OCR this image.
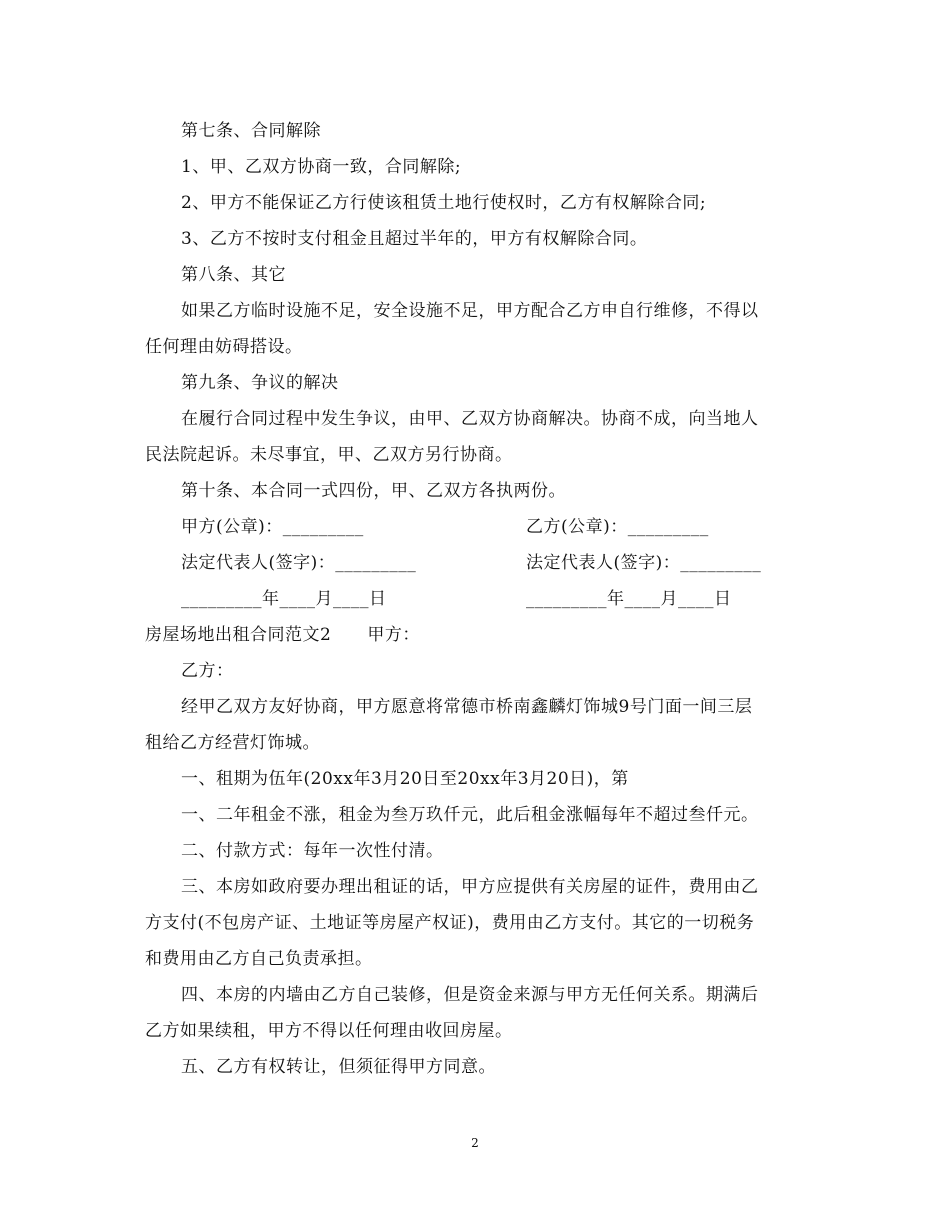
第七条、合同解除
1、甲、乙双方协商一致，合同解除;
2、甲方不能保证乙方行使该租赁土地行使权时，乙方有权解除合同;
3、乙方不按时支付租金且超过半年的，甲方有权解除合同。
第八条、其它
如果乙方临时设施不足，安全设施不足，甲方配合乙方申自行维修，不得以
任何理由妨碍搭设。
第九条、争议的解决
在履行合同过程中发生争议，由甲、乙双方协商解决。协商不成，向当地人
民法院起诉。未尽事宜，甲、乙双方另行协商。
第十条、本合同一式四份，甲、乙双方各执两份。
甲方(公章)：_________	乙方(公章)：_________
法定代表人(签字)：_________	法定代表人(签字)：_________
_________年____月____日	_________年____月____日
房屋场地出租合同范文2 甲方：
乙方：
经甲乙双方友好协商，甲方愿意将常德市桥南鑫麟灯饰城9号门面一间三层
租给乙方经营灯饰城。
一、租期为伍年(20xx年3月20日至20xx年3月20日)，第
一、二年租金不涨，租金为叁万玖仟元，此后租金涨幅每年不超过叁仟元。
二、付款方式：每年一次性付清。
三、本房如政府要办理出租证的话，甲方应提供有关房屋的证件，费用由乙
方支付(不包房产证、土地证等房屋产权证)，费用由乙方支付。其它的一切税务
和费用由乙方自己负责承担。
四、本房的内墙由乙方自己装修，但是资金来源与甲方无任何关系。期满后
乙方如果续租，甲方不得以任何理由收回房屋。
五、乙方有权转让，但须征得甲方同意。
2
